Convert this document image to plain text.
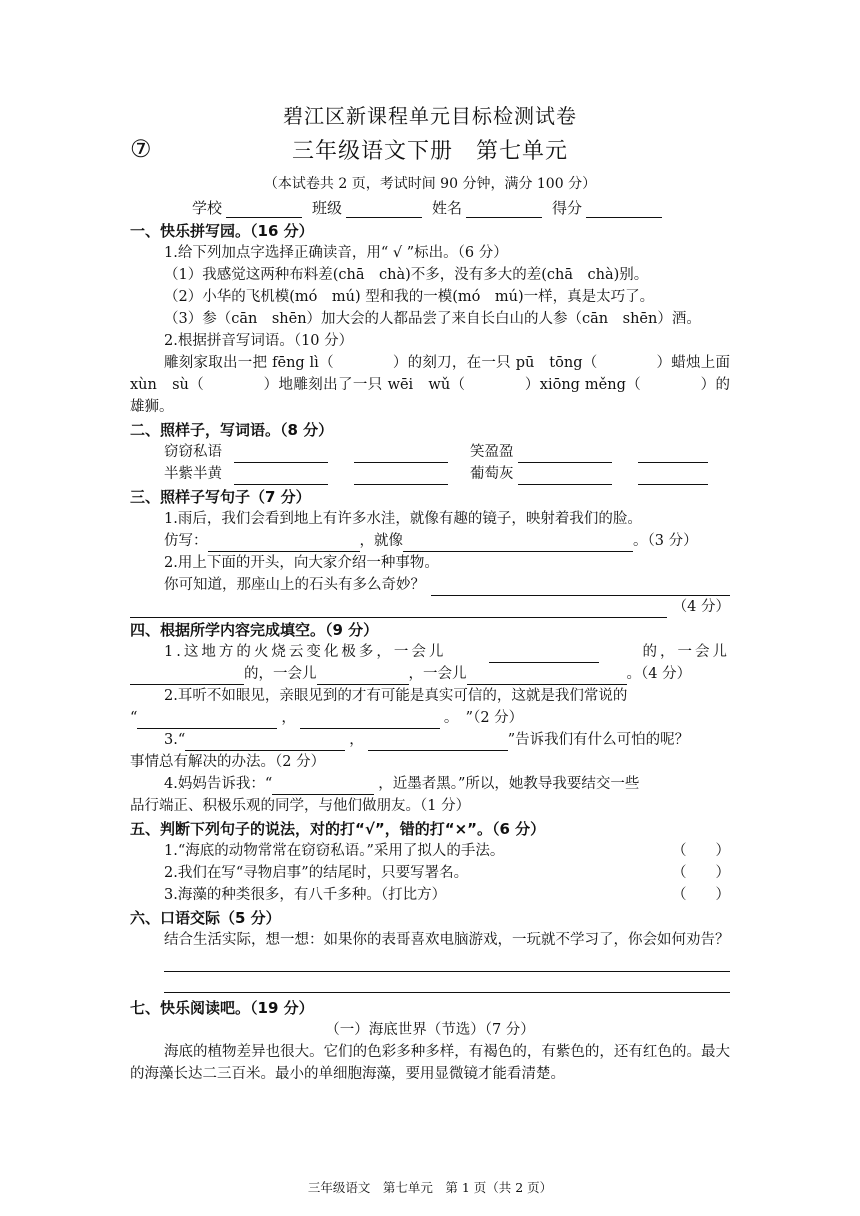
碧江区新课程单元目标检测试卷
⑦	三年级语文下册　第七单元
（本试卷共 2 页，考试时间 90 分钟，满分 100 分）
学校	班级	姓名	得分
一、快乐拼写园。（16 分）

1.给下列加点字选择正确读音，用“ √ ”标出。（6 分）

（1）我感觉这两种布料差(chā　chà)不多，没有多大的差(chā　chà)别。

（2）小华的飞机模(mó　mú) 型和我的一模(mó　mú)一样，真是太巧了。

（3）参（cān　shēn）加大会的人都品尝了来自长白山的人参（cān　shēn）酒。

2.根据拼音写词语。（10 分）

雕刻家取出一把 fēng lì（　　　　）的刻刀，在一只 pū　tōng（　　　　）蜡烛上面 xùn　sù（　　　　）地雕刻出了一只 wēi　wǔ（　　　　）xiōng měng（　　　　）的雄狮。

二、照样子，写词语。（8 分）
窃窃私语	笑盈盈
半紫半黄	葡萄灰
三、照样子写句子（7 分）

1.雨后，我们会看到地上有许多水洼，就像有趣的镜子，映射着我们的脸。

仿写：	，就像	。（3 分）

2.用上下面的开头，向大家介绍一种事物。

你可知道，那座山上的石头有多么奇妙？
（4 分）
四、根据所学内容完成填空。（9 分）
1.这地方的火烧云变化极多，一会儿	的，一会儿
的，一会儿	，一会儿	。（4 分）

2.耳听不如眼见，亲眼见到的才有可能是真实可信的，这就是我们常说的

“	，	。　”（2 分）
3.“	，	”告诉我们有什么可怕的呢？

事情总有解决的办法。（2 分）

4.妈妈告诉我：“	，近墨者黑。”所以，她教导我要结交一些

品行端正、积极乐观的同学，与他们做朋友。（1 分）

五、判断下列句子的说法，对的打“√”，错的打“×”。（6 分）
1.“海底的动物常常在窃窃私语。”采用了拟人的手法。	（　　）
2.我们在写“寻物启事”的结尾时，只要写署名。	（　　）
3.海藻的种类很多，有八千多种。（打比方）	（　　）
六、口语交际（5 分）

结合生活实际，想一想：如果你的表哥喜欢电脑游戏，一玩就不学习了，你会如何劝告？

七、快乐阅读吧。（19 分）

（一）海底世界（节选）（7 分）

海底的植物差异也很大。它们的色彩多种多样，有褐色的，有紫色的，还有红色的。最大的海藻长达二三百米。最小的单细胞海藻，要用显微镜才能看清楚。

三年级语文　第七单元　第 1 页（共 2 页）
